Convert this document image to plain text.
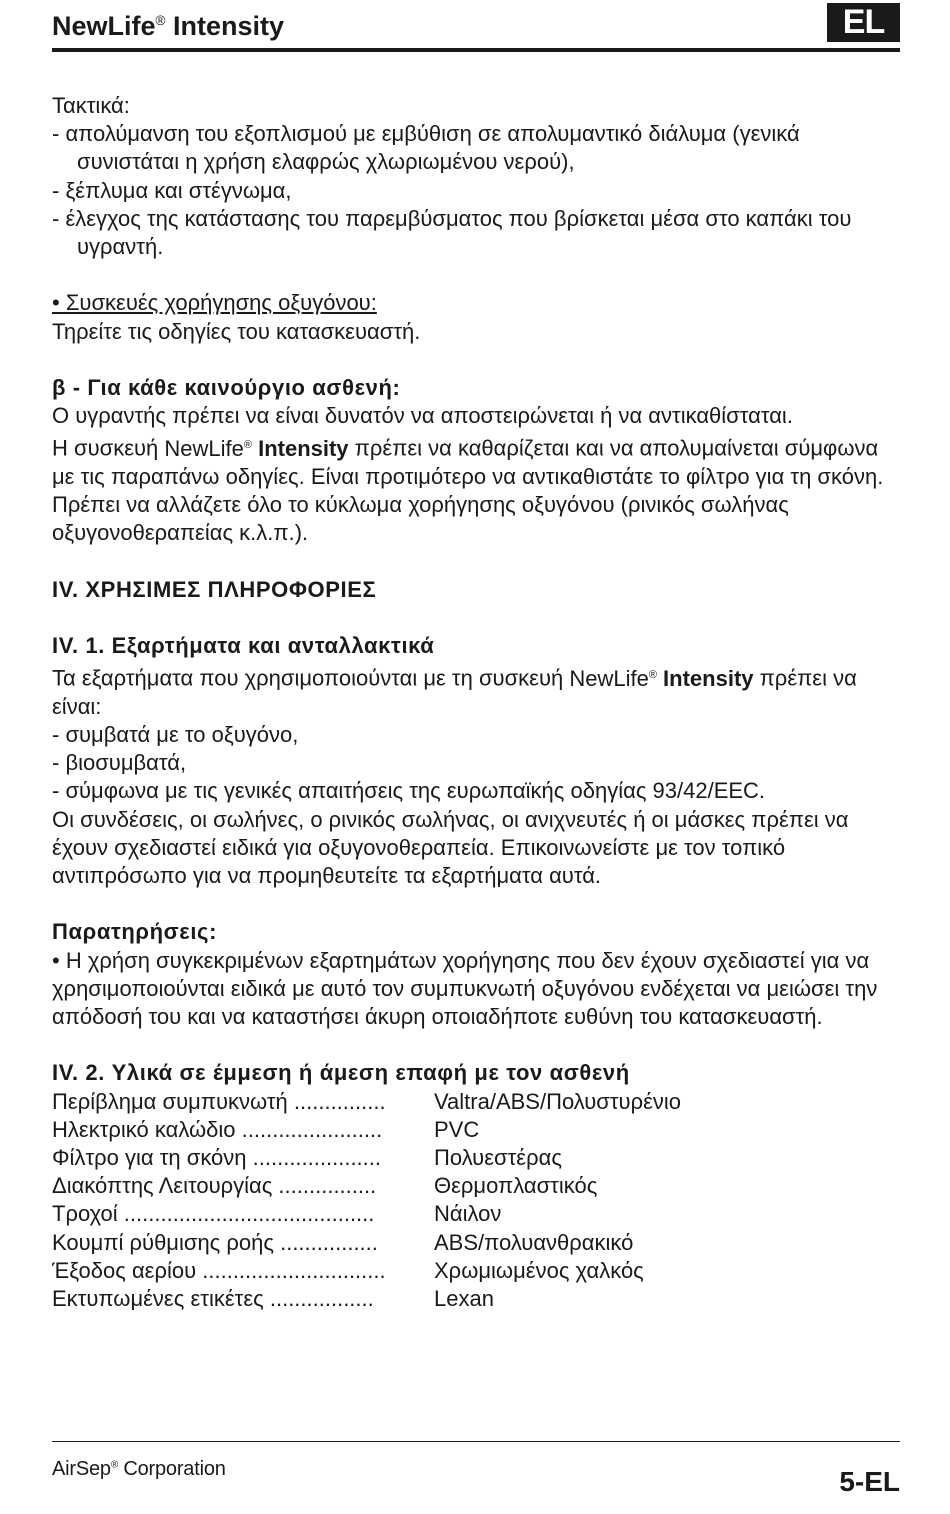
NewLife® Intensity	EL

Τακτικά:

- απολύμανση του εξοπλισμού με εμβύθιση σε απολυμαντικό διάλυμα (γενικά συνιστάται η χρήση ελαφρώς χλωριωμένου νερού),

- ξέπλυμα και στέγνωμα,

- έλεγχος της κατάστασης του παρεμβύσματος που βρίσκεται μέσα στο καπάκι του υγραντή.

• Συσκευές χορήγησης οξυγόνου:

Τηρείτε τις οδηγίες του κατασκευαστή.

β - Για κάθε καινούργιο ασθενή:

Ο υγραντής πρέπει να είναι δυνατόν να αποστειρώνεται ή να αντικαθίσταται.

Η συσκευή NewLife® Intensity πρέπει να καθαρίζεται και να απολυμαίνεται σύμφωνα με τις παραπάνω οδηγίες. Είναι προτιμότερο να αντικαθιστάτε το φίλτρο για τη σκόνη. Πρέπει να αλλάζετε όλο το κύκλωμα χορήγησης οξυγόνου (ρινικός σωλήνας οξυγονοθεραπείας κ.λ.π.).

IV. ΧΡΗΣΙΜΕΣ ΠΛΗΡΟΦΟΡΙΕΣ

IV. 1. Εξαρτήματα και ανταλλακτικά

Τα εξαρτήματα που χρησιμοποιούνται με τη συσκευή NewLife® Intensity πρέπει να είναι:

- συμβατά με το οξυγόνο,

- βιοσυμβατά,

- σύμφωνα με τις γενικές απαιτήσεις της ευρωπαϊκής οδηγίας 93/42/EEC.

Οι συνδέσεις, οι σωλήνες, ο ρινικός σωλήνας, οι ανιχνευτές ή οι μάσκες πρέπει να έχουν σχεδιαστεί ειδικά για οξυγονοθεραπεία. Επικοινωνείστε με τον τοπικό αντιπρόσωπο για να προμηθευτείτε τα εξαρτήματα αυτά.

Παρατηρήσεις:

• Η χρήση συγκεκριμένων εξαρτημάτων χορήγησης που δεν έχουν σχεδιαστεί για να χρησιμοποιούνται ειδικά με αυτό τον συμπυκνωτή οξυγόνου ενδέχεται να μειώσει την απόδοσή του και να καταστήσει άκυρη οποιαδήποτε ευθύνη του κατασκευαστή.

IV. 2. Υλικά σε έμμεση ή άμεση επαφή με τον ασθενή

Περίβλημα συμπυκνωτή ...............	Valtra/ABS/Πολυστυρένιο
Ηλεκτρικό καλώδιο .......................	PVC
Φίλτρο για τη σκόνη .....................	Πολυεστέρας
Διακόπτης Λειτουργίας ................	Θερμοπλαστικός
Τροχοί .........................................	Νάιλον
Κουμπί ρύθμισης ροής ................	ABS/πολυανθρακικό
Έξοδος αερίου ..............................	Χρωμιωμένος χαλκός
Εκτυπωμένες ετικέτες .................	Lexan
AirSep® Corporation	5-EL
